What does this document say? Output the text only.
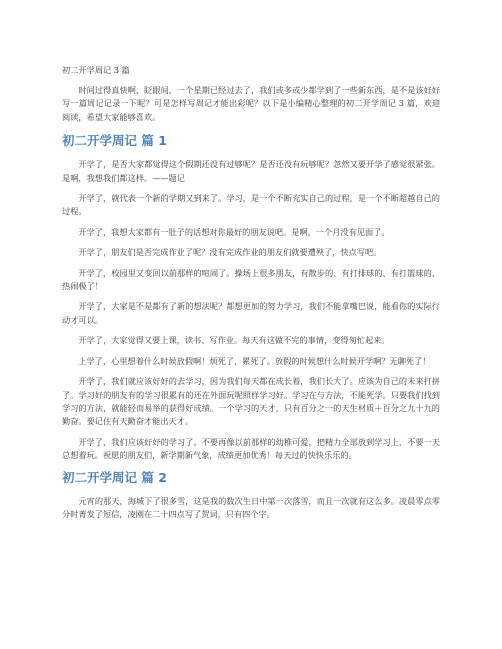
初二开学周记 3 篇

时间过得真快啊，眨眼间，一个星期已经过去了，我们或多或少都学到了一些新东西，是不是该好好写一篇周记记录一下呢？可是怎样写周记才能出彩呢？以下是小编精心整理的初二开学周记 3 篇，欢迎阅读，希望大家能够喜欢。

初二开学周记 篇 1

开学了，是否大家都觉得这个假期还没有过够呢？是否还没有玩够呢？忽然又要开学了感觉很紧张。是啊，我想我们都这样。——题记

开学了，就代表一个新的学期又到来了。学习，是一个不断充实自己的过程，是一个不断超越自己的过程。

开学了，我想大家都有一肚子的话想对你最好的朋友说吧。是啊，一个月没有见面了。

开学了，朋友们是否完成作业了呢？没有完成作业的朋友们就要遭殃了，快点写吧。

开学了，校园里又变回以前那样的喧闹了。操场上很多朋友，有散步的、有打排球的、有打篮球的、热闹极了！

开学了，大家是不是都有了新的想法呢？都想更加的努力学习，我们不能拿嘴巴说，能看你的实际行动才可以。

开学了，大家觉得又要上课，读书、写作业。每天有这做不完的事情，变得匆忙起来。

上学了，心里想着什么时候放假啊！烦死了，累死了。放假的时候想什么时候开学啊？无聊死了！

开学了，我们就应该好好的去学习，因为我们每天都在成长着，我们长大了。应该为自己的未来打拼了。学习好的朋友有的学习很累有的还在外面玩呢照样学习好。学习在与方法，不能死学。只要我们找到学习的方法，就能轻而易举的获得好成绩。一个学习的天才，只有百分之一的天生材质＋百分之九十九的勤奋。要记住有天勤奋才能出天才。

开学了，我们应该好好的学习了。不要再像以前那样的幼稚可爱，把精力全部放到学习上，不要一天总想着玩。祝愿的朋友们，新学期新气象，成绩更加优秀！每天过的快快乐乐的。

初二开学周记 篇 2

元宵的那天，海城下了很多雪，这是我的数次生日中第一次落雪，而且一次就有这么多。凌晨零点零分时菁发了短信，凌刚在二十四点写了贺词，只有四个字。
